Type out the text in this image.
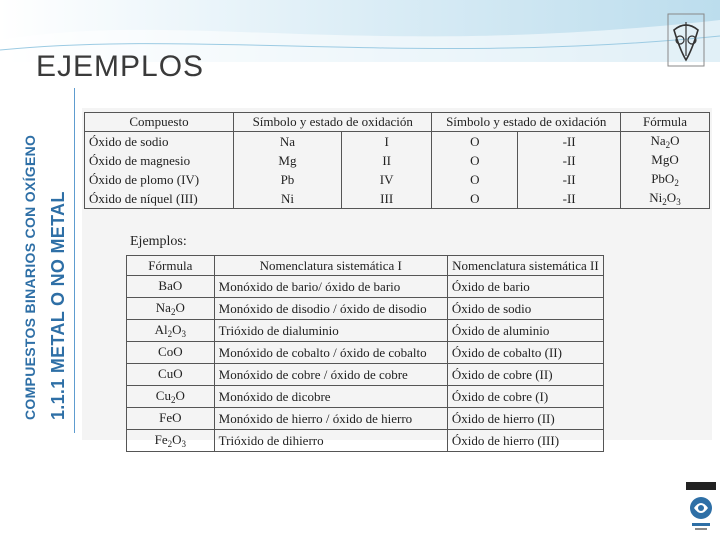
EJEMPLOS
COMPUESTOS BINARIOS CON OXÍGENO 1.1.1 METAL O NO METAL
Compuesto	Símbolo y estado de oxidación		Símbolo y estado de oxidación		Fórmula
Óxido de sodio	Na	I	O	-II	$Na_2O$
Óxido de magnesio	Mg	II	O	-II	MgO
Óxido de plomo (IV)	Pb	IV	O	-II	PbO$_2$
Óxido de níquel (III)	Ni	III	O	-II	$Ni_2O_3$
Ejemplos:
Fórmula	Nomenclatura sistemática I	Nomenclatura sistemática II
BaO	Monóxido de bario/ óxido de bario	Óxido de bario
$Na_2O$	Monóxido de disodio / óxido de disodio	Óxido de sodio
$Al_2O_3$	Trióxido de dialuminio	Óxido de aluminio
CoO	Monóxido de cobalto / óxido de cobalto	Óxido de cobalto (II)
CuO	Monóxido de cobre / óxido de cobre	Óxido de cobre (II)
$Cu_2O$	Monóxido de dicobre	Óxido de cobre (I)
FeO	Monóxido de hierro / óxido de hierro	Óxido de hierro (II)
$Fe_2O_3$	Trióxido de dihierro	Óxido de hierro (III)
